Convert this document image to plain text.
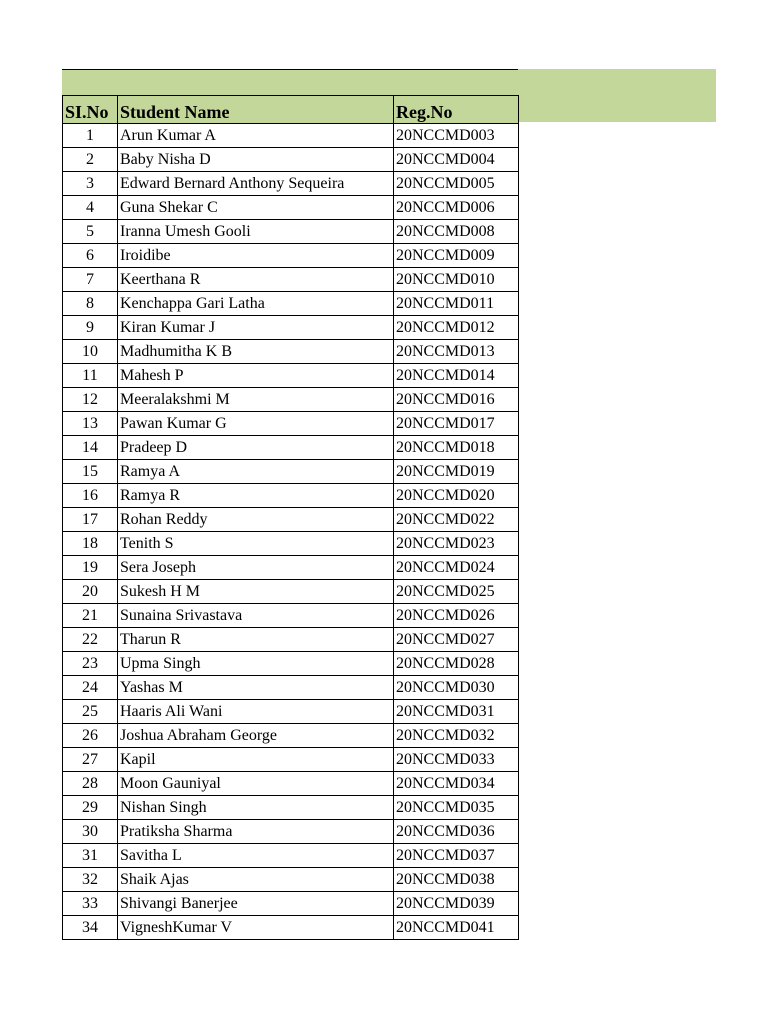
SI.No	Student Name	Reg.No
1	Arun Kumar A	20NCCMD003
2	Baby Nisha D	20NCCMD004
3	Edward Bernard Anthony Sequeira	20NCCMD005
4	Guna Shekar C	20NCCMD006
5	Iranna Umesh Gooli	20NCCMD008
6	Iroidibe	20NCCMD009
7	Keerthana R	20NCCMD010
8	Kenchappa Gari Latha	20NCCMD011
9	Kiran Kumar J	20NCCMD012
10	Madhumitha K B	20NCCMD013
11	Mahesh P	20NCCMD014
12	Meeralakshmi M	20NCCMD016
13	Pawan Kumar G	20NCCMD017
14	Pradeep D	20NCCMD018
15	Ramya A	20NCCMD019
16	Ramya R	20NCCMD020
17	Rohan Reddy	20NCCMD022
18	Tenith S	20NCCMD023
19	Sera Joseph	20NCCMD024
20	Sukesh H M	20NCCMD025
21	Sunaina Srivastava	20NCCMD026
22	Tharun R	20NCCMD027
23	Upma Singh	20NCCMD028
24	Yashas M	20NCCMD030
25	Haaris Ali Wani	20NCCMD031
26	Joshua Abraham George	20NCCMD032
27	Kapil	20NCCMD033
28	Moon Gauniyal	20NCCMD034
29	Nishan Singh	20NCCMD035
30	Pratiksha Sharma	20NCCMD036
31	Savitha L	20NCCMD037
32	Shaik Ajas	20NCCMD038
33	Shivangi Banerjee	20NCCMD039
34	VigneshKumar V	20NCCMD041
